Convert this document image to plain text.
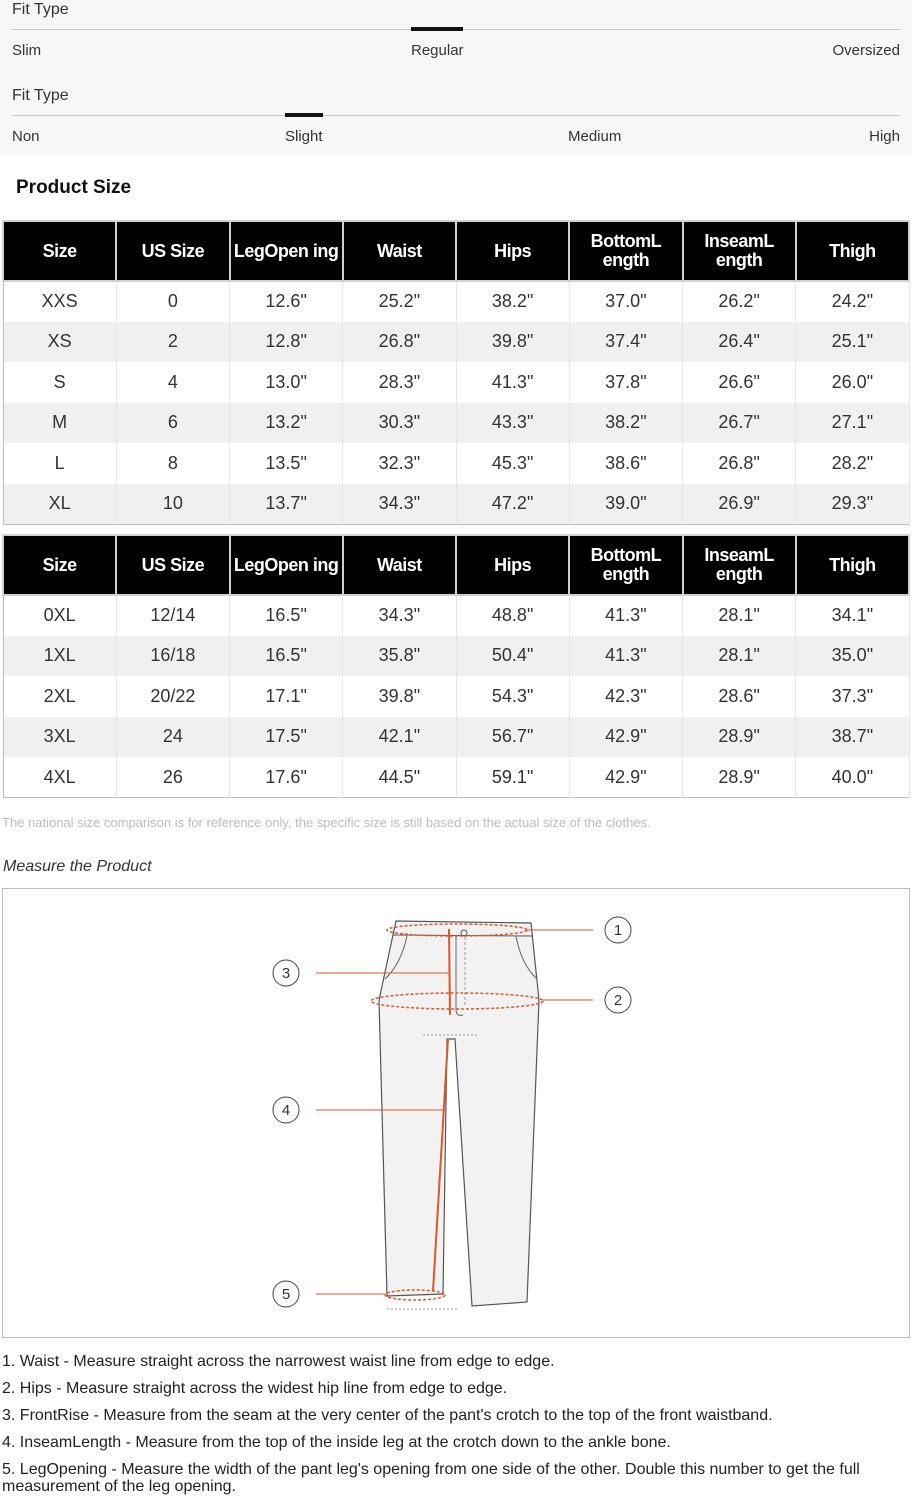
Fit Type
Slim	Regular	Oversized
Fit Type
Non	Slight	Medium	High
Product Size
Size	US Size	LegOpen ing	Waist	Hips	BottomL ength	InseamL ength	Thigh
XXS	0	12.6"	25.2"	38.2"	37.0"	26.2"	24.2"
XS	2	12.8"	26.8"	39.8"	37.4"	26.4"	25.1"
S	4	13.0"	28.3"	41.3"	37.8"	26.6"	26.0"
M	6	13.2"	30.3"	43.3"	38.2"	26.7"	27.1"
L	8	13.5"	32.3"	45.3"	38.6"	26.8"	28.2"
XL	10	13.7"	34.3"	47.2"	39.0"	26.9"	29.3"
Size	US Size	LegOpen ing	Waist	Hips	BottomL ength	InseamL ength	Thigh
0XL	12/14	16.5"	34.3"	48.8"	41.3"	28.1"	34.1"
1XL	16/18	16.5"	35.8"	50.4"	41.3"	28.1"	35.0"
2XL	20/22	17.1"	39.8"	54.3"	42.3"	28.6"	37.3"
3XL	24	17.5"	42.1"	56.7"	42.9"	28.9"	38.7"
4XL	26	17.6"	44.5"	59.1"	42.9"	28.9"	40.0"
The national size comparison is for reference only, the specific size is still based on the actual size of the clothes.
Measure the Product
1
2
3
4
5

1. Waist - Measure straight across the narrowest waist line from edge to edge.

2. Hips - Measure straight across the widest hip line from edge to edge.

3. FrontRise - Measure from the seam at the very center of the pant's crotch to the top of the front waistband.

4. InseamLength - Measure from the top of the inside leg at the crotch down to the ankle bone.

5. LegOpening - Measure the width of the pant leg's opening from one side of the other. Double this number to get the full measurement of the leg opening.
